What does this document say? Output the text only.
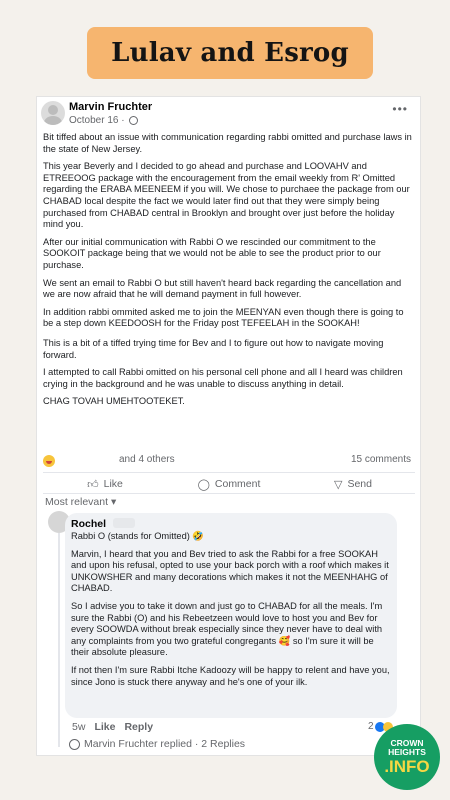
Lulav and Esrog
Marvin Fruchter
October 16 ·
•••

Bit tiffed about an issue with communication regarding rabbi omitted and purchase laws in the state of New Jersey.

This year Beverly and I decided to go ahead and purchase and LOOVAHV and ETREEOOG package with the encouragement from the email weekly from R' Omitted regarding the ERABA MEENEEM if you will. We chose to purchaee the package from our CHABAD local despite the fact we would later find out that they were simply being purchased from CHABAD central in Brooklyn and brought over just before the holiday mind you.

After our initial communication with Rabbi O we rescinded our commitment to the SOOKOIT package being that we would not be able to see the product prior to our purchase.

We sent an email to Rabbi O but still haven't heard back regarding the cancellation and we are now afraid that he will demand payment in full however.

In addition rabbi ommited asked me to join the MEENYAN even though there is going to be a step down KEEDOOSH for the Friday post TEFEELAH in the SOOKAH!

This is a bit of a tiffed trying time for Bev and I to figure out how to navigate moving forward.

I attempted to call Rabbi omitted on his personal cell phone and all I heard was children crying in the background and he was unable to discuss anything in detail.

CHAG TOVAH UMEHTOOTEKET.

and 4 others	15 comments
👍︎ Like	◯ Comment	▽ Send
Most relevant ▾
Rochel

Rabbi O (stands for Omitted) 🤣

Marvin, I heard that you and Bev tried to ask the Rabbi for a free SOOKAH and upon his refusal, opted to use your back porch with a roof which makes it UNKOWSHER and many decorations which makes it not the MEENHAHG of CHABAD.

So I advise you to take it down and just go to CHABAD for all the meals. I'm sure the Rabbi (O) and his Rebeetzeen would love to host you and Bev for every SOOWDA without break especially since they never have to deal with any complaints from you two grateful congregants 🥰 so I'm sure it will be their absolute pleasure.

If not then I'm sure Rabbi Itche Kadoozy will be happy to relent and have you, since Jono is stuck there anyway and he's one of your ilk.

5w Like Reply	2
Marvin Fruchter replied · 2 Replies	CROWN
HEIGHTS
.INFO
